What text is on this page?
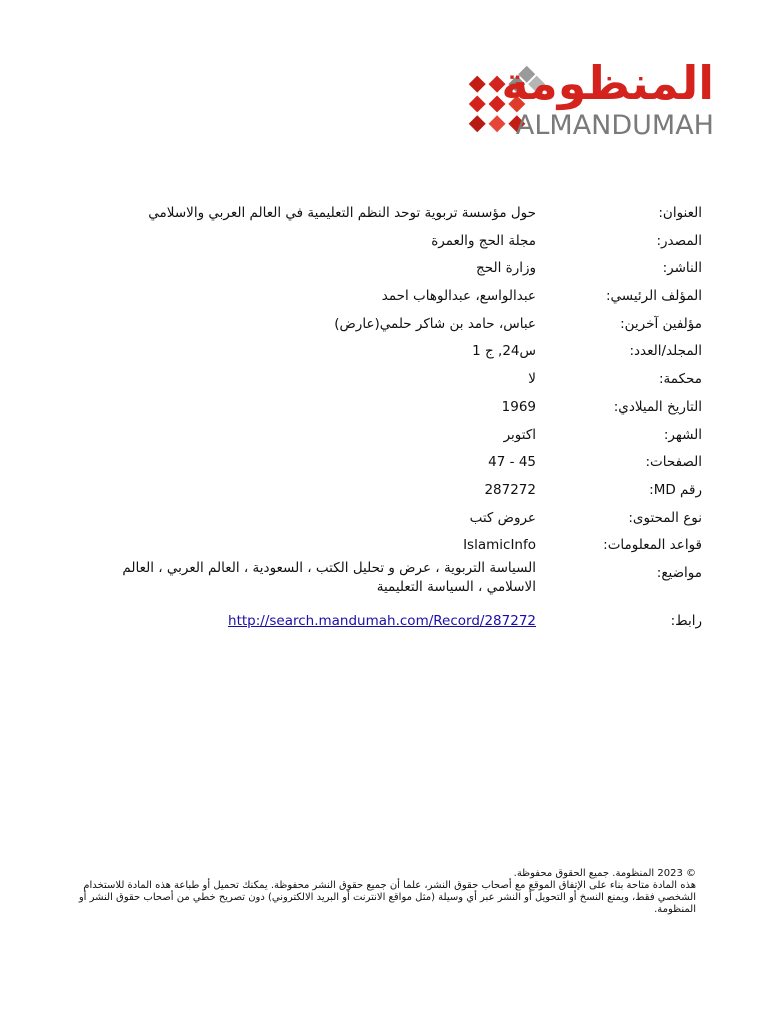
المنظومة
ALMANDUMAH
العنوان:
حول مؤسسة تربوية توحد النظم التعليمية في العالم العربي والاسلامي
المصدر:
مجلة الحج والعمرة
الناشر:
وزارة الحج
المؤلف الرئيسي:
عبدالواسع، عبدالوهاب احمد
مؤلفين آخرين:
عباس، حامد بن شاكر حلمي(عارض)
المجلد/العدد:
س24, ج 1
محكمة:
لا
التاريخ الميلادي:
1969
الشهر:
اكتوبر
الصفحات:
45 - 47
رقم MD:
287272
نوع المحتوى:
عروض كتب
قواعد المعلومات:
IslamicInfo
مواضيع:
السياسة التربوية ، عرض و تحليل الكتب ، السعودية ، العالم العربي ، العالم الاسلامي ، السياسة التعليمية
رابط:
http://search.mandumah.com/Record/287272

© 2023 المنظومة. جميع الحقوق محفوظة.

هذه المادة متاحة بناء على الإتفاق الموقع مع أصحاب حقوق النشر، علما أن جميع حقوق النشر محفوظة. يمكنك تحميل أو طباعة هذه المادة للاستخدام الشخصي فقط، ويمنع النسخ أو التحويل أو النشر عبر أي وسيلة (مثل مواقع الانترنت أو البريد الالكتروني) دون تصريح خطي من أصحاب حقوق النشر أو المنظومة.
